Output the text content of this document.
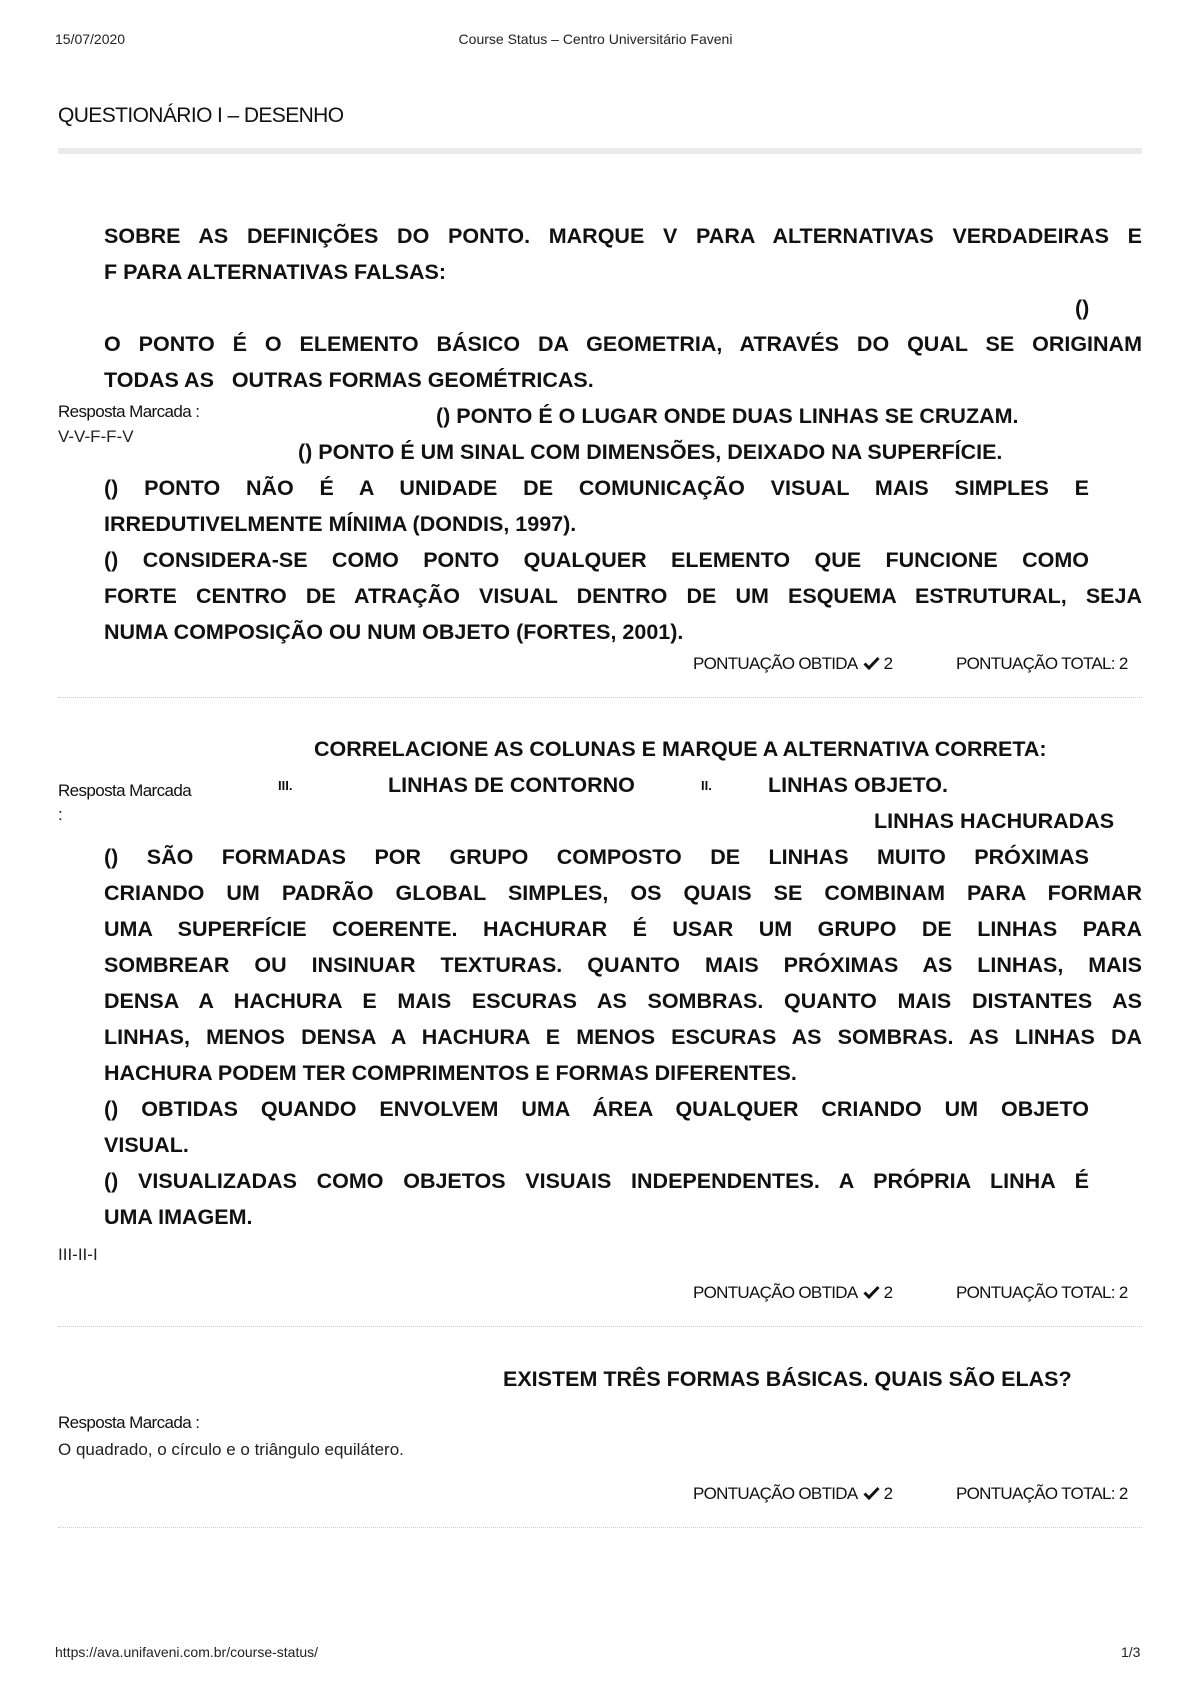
15/07/2020	Course Status – Centro Universitário Faveni
QUESTIONÁRIO I – DESENHO
SOBRE AS DEFINIÇÕES DO PONTO. MARQUE V PARA ALTERNATIVAS VERDADEIRAS E
F PARA ALTERNATIVAS FALSAS:
()
O PONTO É O ELEMENTO BÁSICO DA GEOMETRIA, ATRAVÉS DO QUAL SE ORIGINAM
TODAS AS   OUTRAS FORMAS GEOMÉTRICAS.
() PONTO É O LUGAR ONDE DUAS LINHAS SE CRUZAM.
() PONTO É UM SINAL COM DIMENSÕES, DEIXADO NA SUPERFÍCIE.
() PONTO NÃO É A UNIDADE DE COMUNICAÇÃO VISUAL MAIS SIMPLES E
IRREDUTIVELMENTE MÍNIMA (DONDIS, 1997).
() CONSIDERA-SE COMO PONTO QUALQUER ELEMENTO QUE FUNCIONE COMO
FORTE CENTRO DE ATRAÇÃO VISUAL DENTRO DE UM ESQUEMA ESTRUTURAL, SEJA
NUMA COMPOSIÇÃO OU NUM OBJETO (FORTES, 2001).
Resposta Marcada :
V-V-F-F-V
PONTUAÇÃO OBTIDA 2	PONTUAÇÃO TOTAL: 2
CORRELACIONE AS COLUNAS E MARQUE A ALTERNATIVA CORRETA:
III.	LINHAS DE CONTORNO	II.	LINHAS OBJETO.
LINHAS HACHURADAS
() SÃO FORMADAS POR GRUPO COMPOSTO DE LINHAS MUITO PRÓXIMAS
CRIANDO UM PADRÃO GLOBAL SIMPLES, OS QUAIS SE COMBINAM PARA FORMAR
UMA SUPERFÍCIE COERENTE. HACHURAR É USAR UM GRUPO DE LINHAS PARA
SOMBREAR OU INSINUAR TEXTURAS. QUANTO MAIS PRÓXIMAS AS LINHAS, MAIS
DENSA A HACHURA E MAIS ESCURAS AS SOMBRAS. QUANTO MAIS DISTANTES AS
LINHAS, MENOS DENSA A HACHURA E MENOS ESCURAS AS SOMBRAS. AS LINHAS DA
HACHURA PODEM TER COMPRIMENTOS E FORMAS DIFERENTES.
() OBTIDAS QUANDO ENVOLVEM UMA ÁREA QUALQUER CRIANDO UM OBJETO
VISUAL.
() VISUALIZADAS COMO OBJETOS VISUAIS INDEPENDENTES. A PRÓPRIA LINHA É
UMA IMAGEM.
Resposta Marcada
:
III-II-I
PONTUAÇÃO OBTIDA 2	PONTUAÇÃO TOTAL: 2
EXISTEM TRÊS FORMAS BÁSICAS. QUAIS SÃO ELAS?
Resposta Marcada :
O quadrado, o círculo e o triângulo equilátero.
PONTUAÇÃO OBTIDA 2	PONTUAÇÃO TOTAL: 2
https://ava.unifaveni.com.br/course-status/	1/3
